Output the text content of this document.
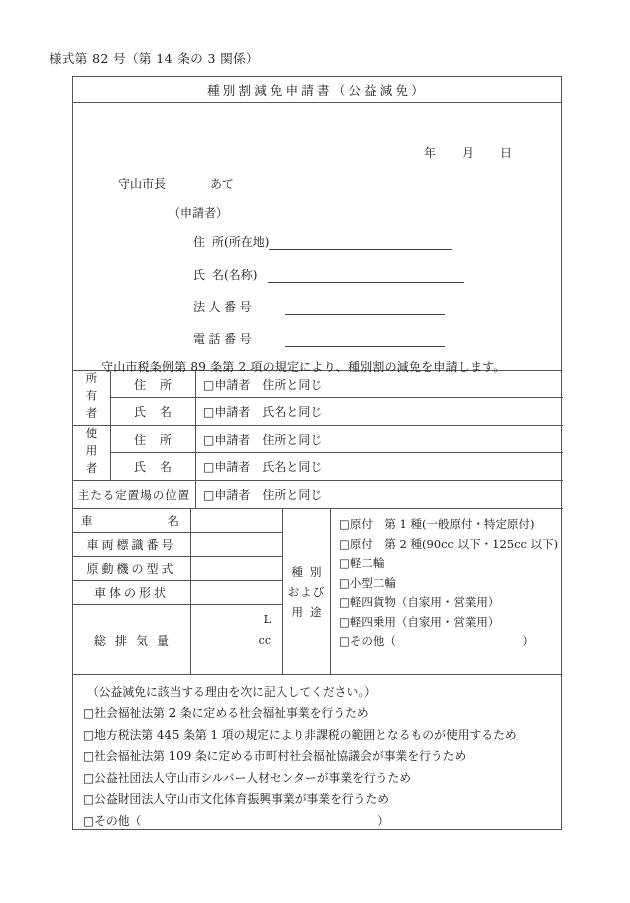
様式第 82 号（第 14 条の 3 関係）
種別割減免申請書（公益減免）
年 月 日
守山市長	あて
（申請者）
住所(所在地)
氏名(名称)
法人番号
電話番号
守山市税条例第 89 条第 2 項の規定により、種別割の減免を申請します。
所有者
使用者
住所 □申請者　住所と同じ
氏名 □申請者　氏名と同じ
住所 □申請者　住所と同じ
氏名 □申請者　氏名と同じ
主たる定置場の位置 □申請者　住所と同じ
車	名
車両標識番号
原動機の型式
車体の形状
総排気量
L
cc
種別
および
用途
□原付　第 1 種(一般原付・特定原付)
□原付　第 2 種(90cc 以下・125cc 以下)
□軽二輪
□小型二輪
□軽四貨物（自家用・営業用）
□軽四乗用（自家用・営業用）
□その他（　　　　　　　　　　　）
（公益減免に該当する理由を次に記入してください。）
□社会福祉法第 2 条に定める社会福祉事業を行うため
□地方税法第 445 条第 1 項の規定により非課税の範囲となるものが使用するため
□社会福祉法第 109 条に定める市町村社会福祉協議会が事業を行うため
□公益社団法人守山市シルバー人材センターが事業を行うため
□公益財団法人守山市文化体育振興事業が事業を行うため
□その他（　　　　　　　　　　　　　　　　　　　　）
